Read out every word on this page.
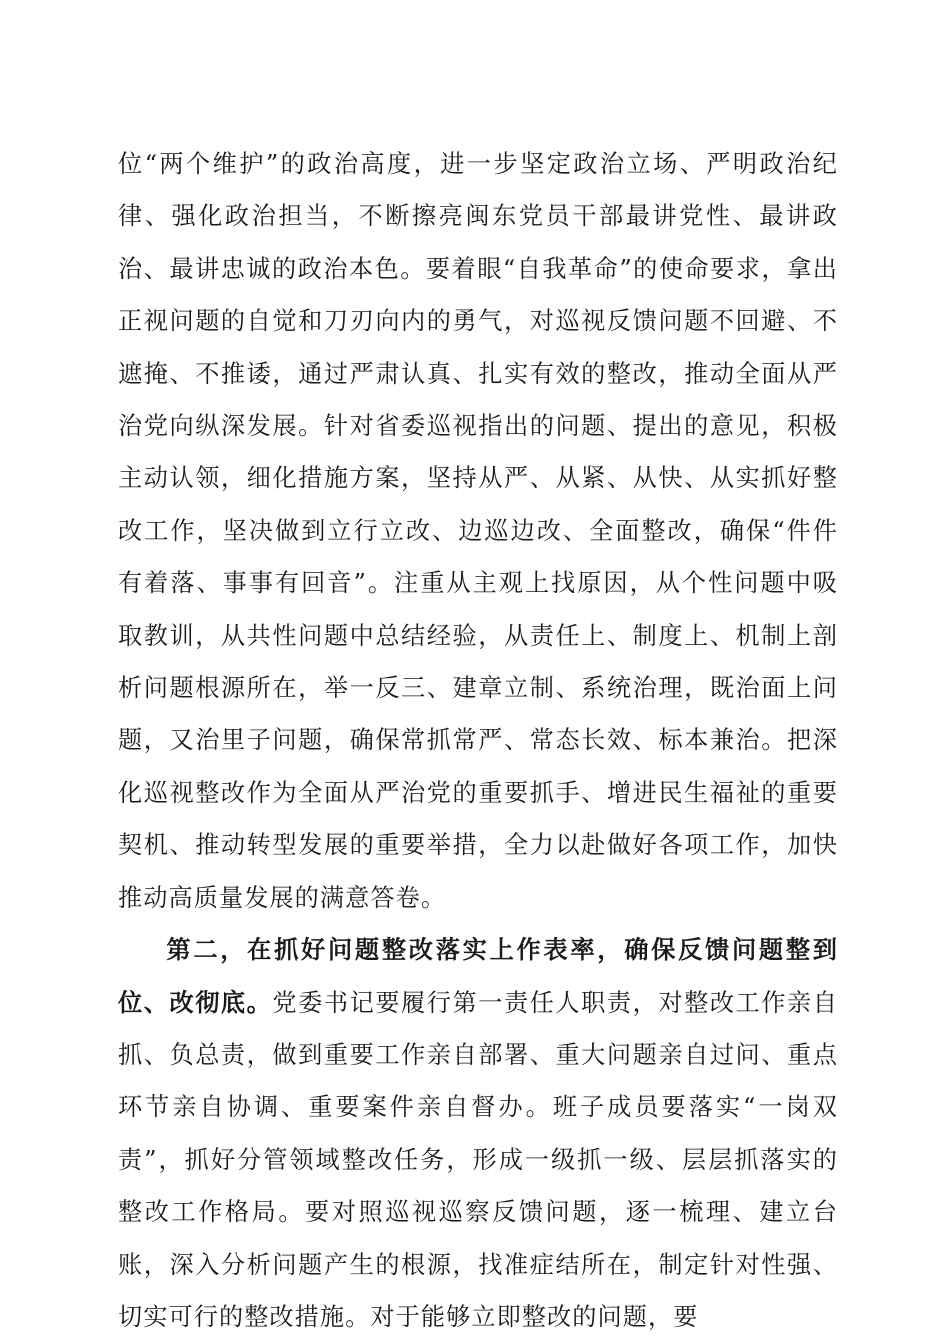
位“两个维护”的政治高度，进一步坚定政治立场、严明政治纪律、强化政治担当，不断擦亮闽东党员干部最讲党性、最讲政治、最讲忠诚的政治本色。要着眼“自我革命”的使命要求，拿出正视问题的自觉和刀刃向内的勇气，对巡视反馈问题不回避、不遮掩、不推诿，通过严肃认真、扎实有效的整改，推动全面从严治党向纵深发展。针对省委巡视指出的问题、提出的意见，积极主动认领，细化措施方案，坚持从严、从紧、从快、从实抓好整改工作，坚决做到立行立改、边巡边改、全面整改，确保“件件有着落、事事有回音”。注重从主观上找原因，从个性问题中吸取教训，从共性问题中总结经验，从责任上、制度上、机制上剖析问题根源所在，举一反三、建章立制、系统治理，既治面上问题，又治里子问题，确保常抓常严、常态长效、标本兼治。把深化巡视整改作为全面从严治党的重要抓手、增进民生福祉的重要契机、推动转型发展的重要举措，全力以赴做好各项工作，加快推动高质量发展的满意答卷。

第二，在抓好问题整改落实上作表率，确保反馈问题整到位、改彻底。党委书记要履行第一责任人职责，对整改工作亲自抓、负总责，做到重要工作亲自部署、重大问题亲自过问、重点环节亲自协调、重要案件亲自督办。班子成员要落实“一岗双责”，抓好分管领域整改任务，形成一级抓一级、层层抓落实的整改工作格局。要对照巡视巡察反馈问题，逐一梳理、建立台账，深入分析问题产生的根源，找准症结所在，制定针对性强、切实可行的整改措施。对于能够立即整改的问题，要
